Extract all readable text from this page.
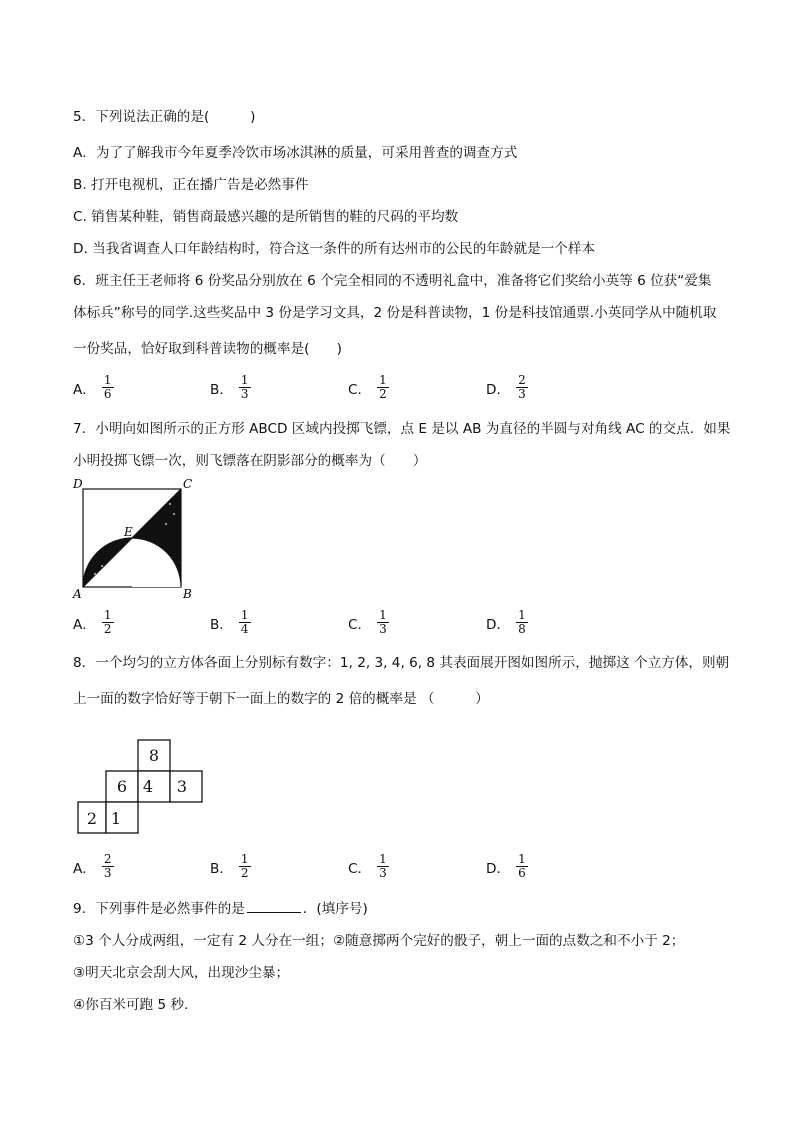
5．下列说法正确的是(　　　)
A．为了了解我市今年夏季冷饮市场冰淇淋的质量，可采用普查的调查方式
B. 打开电视机，正在播广告是必然事件
C. 销售某种鞋，销售商最感兴趣的是所销售的鞋的尺码的平均数
D. 当我省调查人口年龄结构时，符合这一条件的所有达州市的公民的年龄就是一个样本
6．班主任王老师将 6 份奖品分别放在 6 个完全相同的不透明礼盒中，准备将它们奖给小英等 6 位获“爱集
体标兵”称号的同学.这些奖品中 3 份是学习文具，2 份是科普读物，1 份是科技馆通票.小英同学从中随机取
一份奖品，恰好取到科普读物的概率是(　　)
A． $\frac{1}{6}$	B． $\frac{1}{3}$	C． $\frac{1}{2}$	D． $\frac{2}{3}$
7．小明向如图所示的正方形 ABCD 区域内投掷飞镖，点 E 是以 AB 为直径的半圆与对角线 AC 的交点．如果
小明投掷飞镖一次，则飞镖落在阴影部分的概率为（　　）
D	C
E
A	B
A． $\frac{1}{2}$	B． $\frac{1}{4}$	C． $\frac{1}{3}$	D． $\frac{1}{8}$
8．一个均匀的立方体各面上分别标有数字：1, 2, 3, 4, 6, 8 其表面展开图如图所示，抛掷这 个立方体，则朝
上一面的数字恰好等于朝下一面上的数字的 2 倍的概率是 （　　　）
8
6 4 3
2 1
A． $\frac{2}{3}$	B． $\frac{1}{2}$	C． $\frac{1}{3}$	D． $\frac{1}{6}$
9．下列事件是必然事件的是	．(填序号)
①3 个人分成两组，一定有 2 人分在一组；②随意掷两个完好的骰子，朝上一面的点数之和不小于 2；
③明天北京会刮大风，出现沙尘暴；
④你百米可跑 5 秒.
